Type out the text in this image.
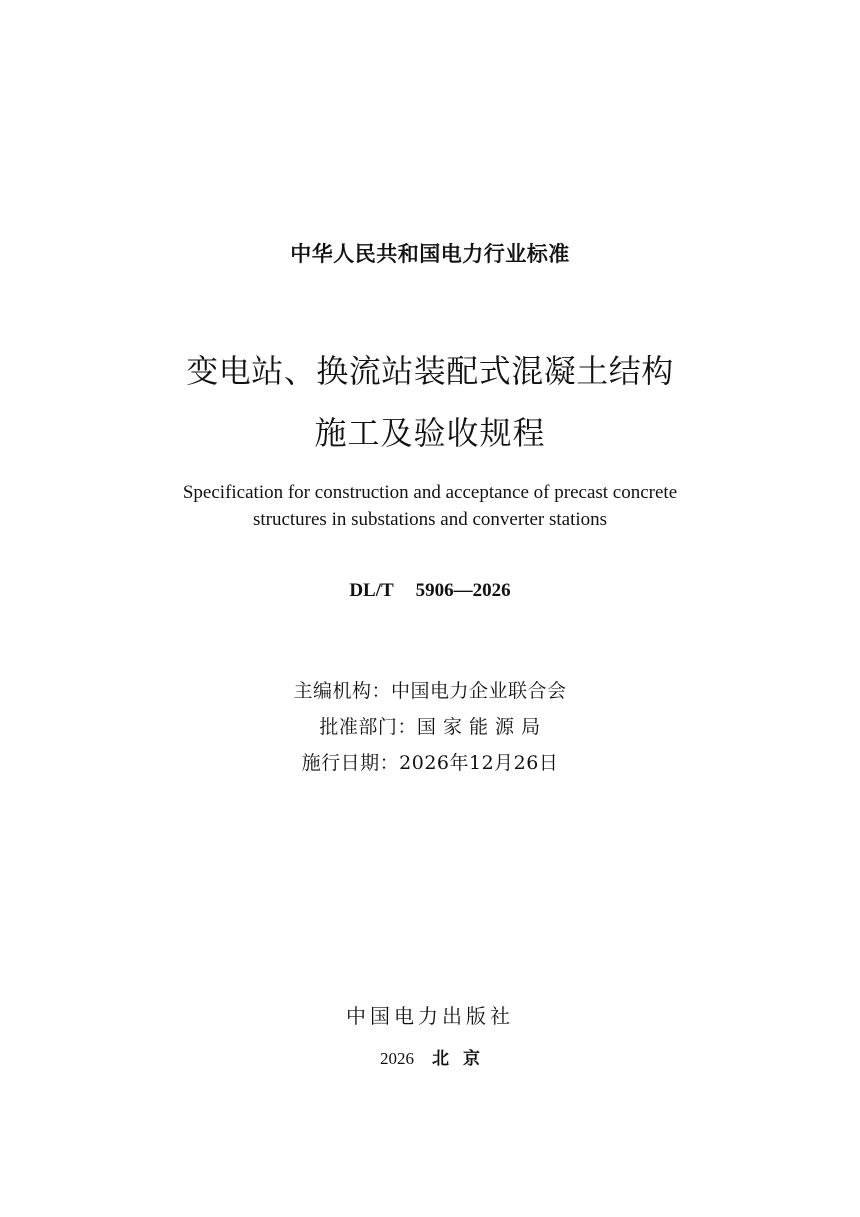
中华人民共和国电力行业标准
变电站、换流站装配式混凝土结构
施工及验收规程
Specification for construction and acceptance of precast concrete
structures in substations and converter stations
DL/T 5906—2026
主编机构：中国电力企业联合会
批准部门：国 家 能 源 局
施行日期：2026年12月26日
中国电力出版社
2026 北京
